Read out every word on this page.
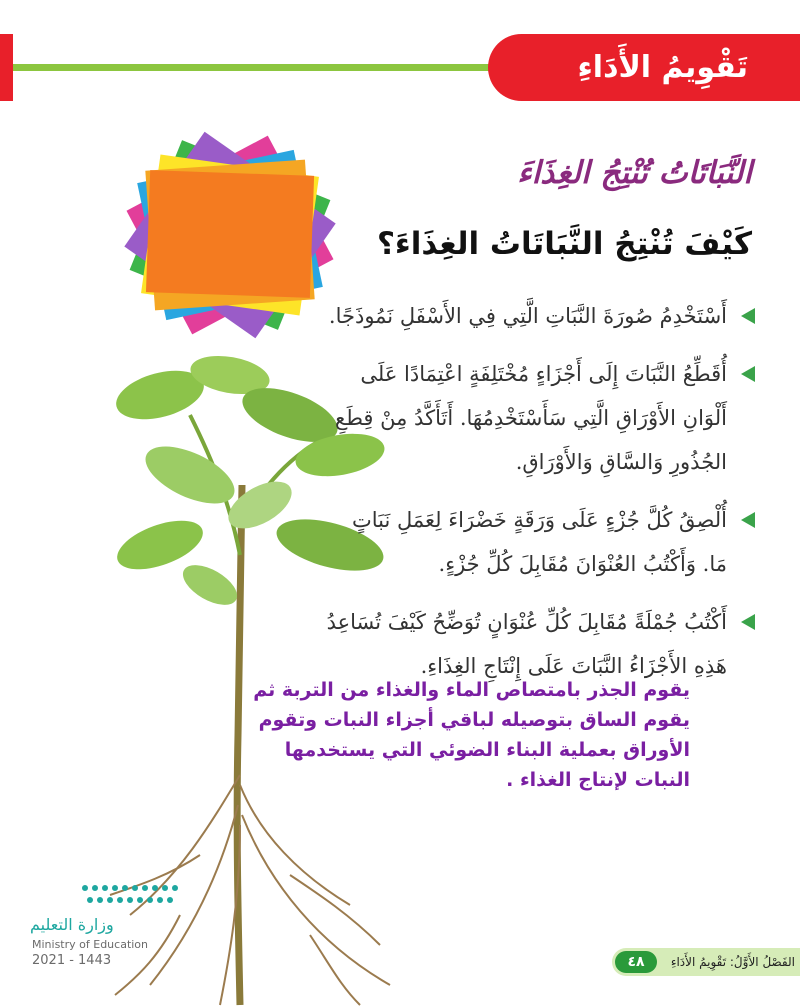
تَقْوِيمُ الأَدَاءِ
النَّبَاتَاتُ تُنْتِجُ الغِذَاءَ
كَيْفَ تُنْتِجُ النَّبَاتَاتُ الغِذَاءَ؟
أَسْتَخْدِمُ صُورَةَ النَّبَاتِ الَّتِي فِي الأَسْفَلِ نَمُوذَجًا.
أُقَطِّعُ النَّبَاتَ إِلَى أَجْزَاءٍ مُخْتَلِفَةٍ اعْتِمَادًا عَلَى أَلْوَانِ الأَوْرَاقِ الَّتِي سَأَسْتَخْدِمُهَا. أَتَأَكَّدُ مِنْ قِطَعِ الجُذُورِ وَالسَّاقِ وَالأَوْرَاقِ.
أُلْصِقُ كُلَّ جُزْءٍ عَلَى وَرَقَةٍ خَضْرَاءَ لِعَمَلِ نَبَاتٍ مَا. وَأَكْتُبُ العُنْوَانَ مُقَابِلَ كُلِّ جُزْءٍ.
أَكْتُبُ جُمْلَةً مُقَابِلَ كُلِّ عُنْوَانٍ تُوَضِّحُ كَيْفَ تُسَاعِدُ هَذِهِ الأَجْزَاءُ النَّبَاتَ عَلَى إِنْتَاجِ الغِذَاءِ.
يقوم الجذر بامتصاص الماء والغذاء من التربة ثم يقوم الساق بتوصيله لباقي أجزاء النبات وتقوم الأوراق بعملية البناء الضوئي التي يستخدمها النبات لإنتاج الغذاء .
وزارة التعليم
Ministry of Education
2021 - 1443	٤٨	الفَصْلُ الأَوَّلُ: تَقْوِيمُ الأَدَاءِ
